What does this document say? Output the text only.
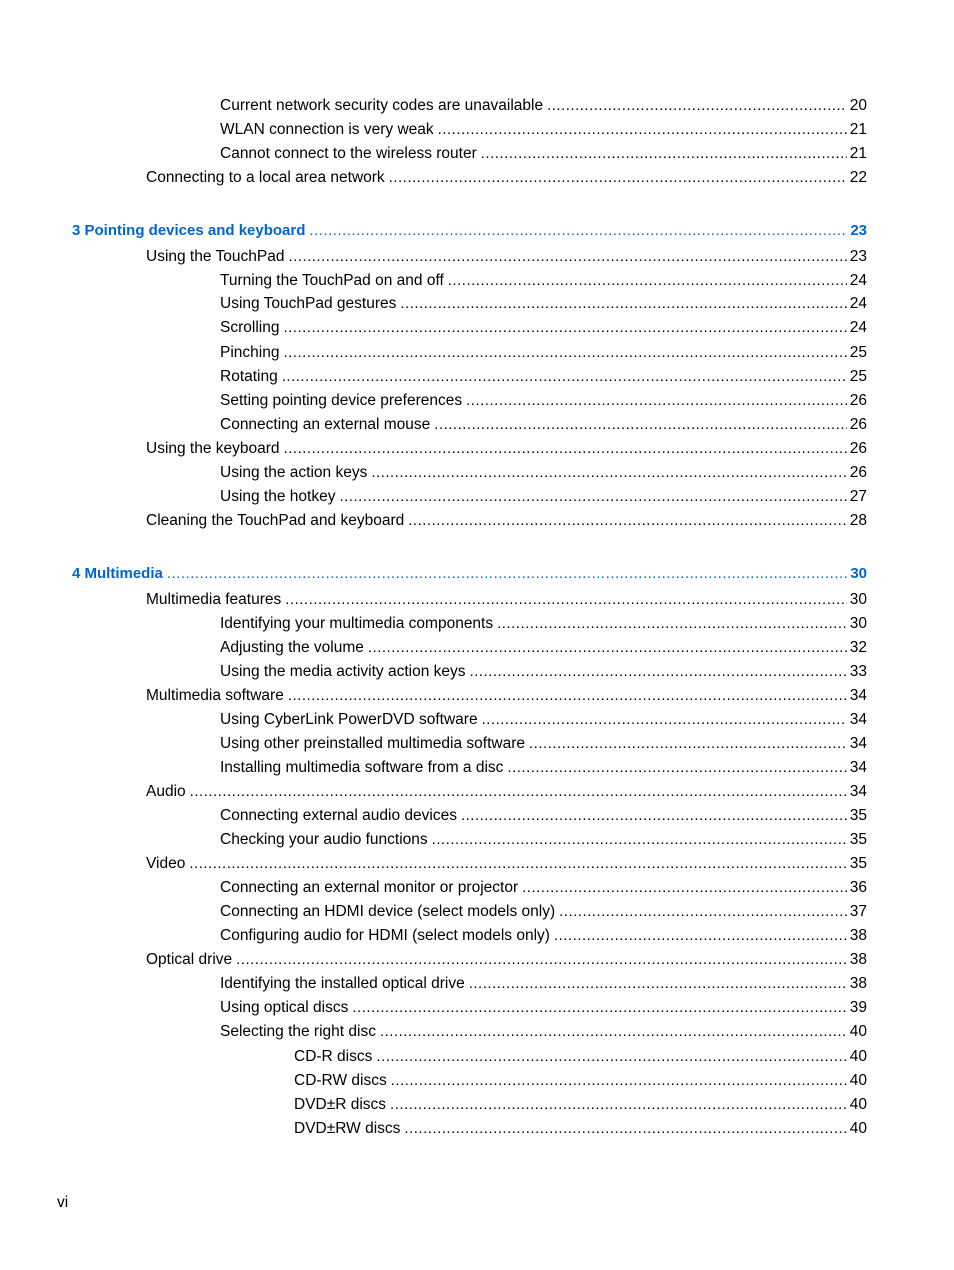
Current network security codes are unavailable .....	20
WLAN connection is very weak .....	21
Cannot connect to the wireless router .....	21
Connecting to a local area network .....	22
3 Pointing devices and keyboard .....	23
Using the TouchPad .....	23
Turning the TouchPad on and off .....	24
Using TouchPad gestures .....	24
Scrolling .....	24
Pinching .....	25
Rotating .....	25
Setting pointing device preferences .....	26
Connecting an external mouse .....	26
Using the keyboard .....	26
Using the action keys .....	26
Using the hotkey .....	27
Cleaning the TouchPad and keyboard .....	28
4 Multimedia .....	30
Multimedia features .....	30
Identifying your multimedia components .....	30
Adjusting the volume .....	32
Using the media activity action keys .....	33
Multimedia software .....	34
Using CyberLink PowerDVD software .....	34
Using other preinstalled multimedia software .....	34
Installing multimedia software from a disc .....	34
Audio .....	34
Connecting external audio devices .....	35
Checking your audio functions .....	35
Video .....	35
Connecting an external monitor or projector .....	36
Connecting an HDMI device (select models only) .....	37
Configuring audio for HDMI (select models only) .....	38
Optical drive .....	38
Identifying the installed optical drive .....	38
Using optical discs .....	39
Selecting the right disc .....	40
CD-R discs .....	40
CD-RW discs .....	40
DVD±R discs .....	40
DVD±RW discs .....	40
vi
